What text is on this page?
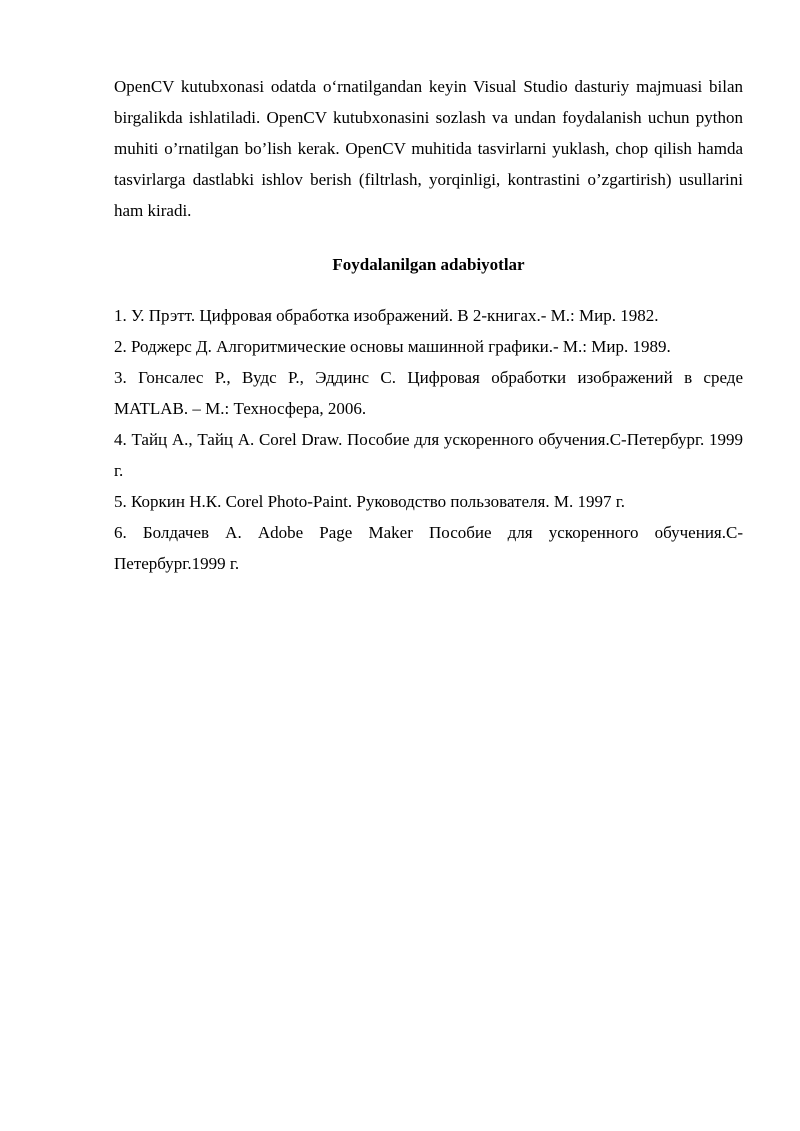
OpenCV kutubxonasi odatda o‘rnatilgandan keyin Visual Studio dasturiy majmuasi bilan birgalikda ishlatiladi. OpenCV kutubxonasini sozlash va undan foydalanish uchun python muhiti o’rnatilgan bo’lish kerak. OpenCV muhitida tasvirlarni yuklash, chop qilish hamda tasvirlarga dastlabki ishlov berish (filtrlash, yorqinligi, kontrastini o’zgartirish) usullarini ham kiradi.

Foydalanilgan adabiyotlar
1. У. Прэтт. Цифровая обработка изображений. В 2-книгах.- М.: Мир. 1982.
2. Роджерс Д. Алгоритмические основы машинной графики.- М.: Мир. 1989.
3. Гонсалес Р., Вудс Р., Эддинс С. Цифровая обработки изображений в среде MATLAB. – М.: Техносфера, 2006.
4. Тайц А., Тайц А. Corel Draw. Пособие для ускоренного обучения.С-Петербург. 1999 г.
5. Коркин Н.К. Corel Photo-Paint. Руководство пользователя. М. 1997 г.
6. Болдачев А. Adobe Page Maker Пособие для ускоренного обучения.С-Петербург.1999 г.
